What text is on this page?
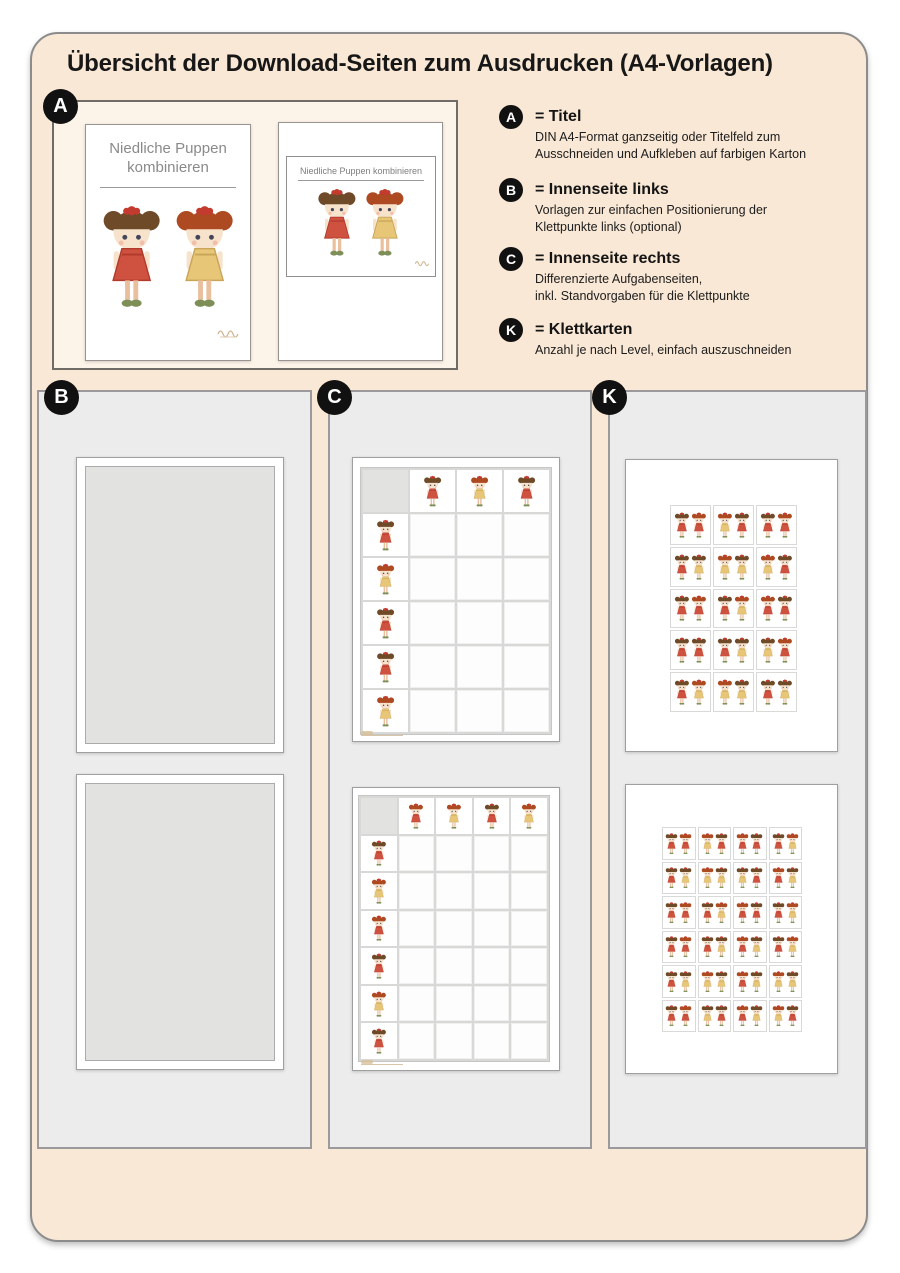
Übersicht der Download-Seiten zum Ausdrucken (A4-Vorlagen)
Niedliche Puppen
kombinieren	Niedliche Puppen kombinieren
A	A	= Titel
DIN A4-Format ganzseitig oder Titelfeld zum
Ausschneiden und Aufkleben auf farbigen Karton
B	= Innenseite links
Vorlagen zur einfachen Positionierung der
Klettpunkte links (optional)
C	= Innenseite rechts
Differenzierte Aufgabenseiten,
inkl. Standvorgaben für die Klettpunkte
K	= Klettkarten
Anzahl je nach Level, einfach auszuschneiden
B	C	K
